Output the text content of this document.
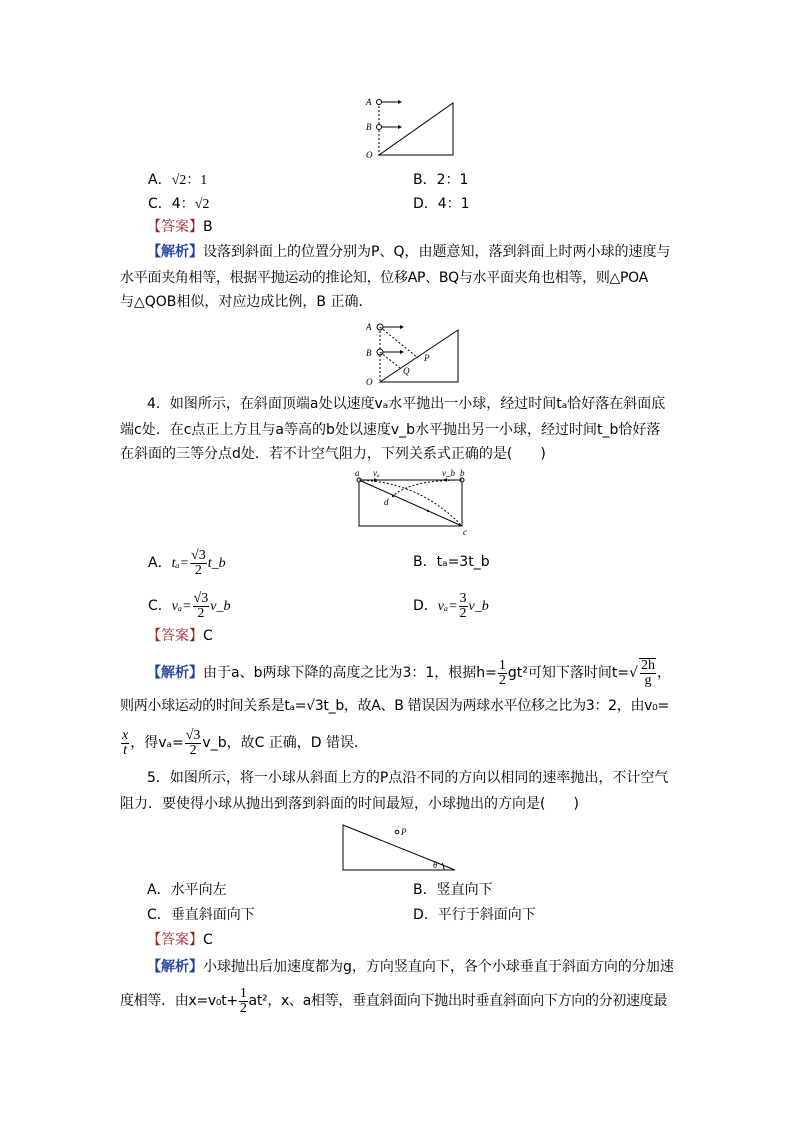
A
B
O
A．√2：1	B．2：1
C．4：√2	D．4：1
【答案】B
【解析】设落到斜面上的位置分别为P、Q，由题意知，落到斜面上时两小球的速度与
水平面夹角相等，根据平抛运动的推论知，位移AP、BQ与水平面夹角也相等，则△POA
与△QOB相似，对应边成比例，B 正确．
A
B
O
P
Q
4．如图所示，在斜面顶端a处以速度vₐ水平抛出一小球，经过时间tₐ恰好落在斜面底
端c处．在c点正上方且与a等高的b处以速度v_b水平抛出另一小球，经过时间t_b恰好落
在斜面的三等分点d处．若不计空气阻力，下列关系式正确的是(　　)
a vₐ	v_b b
d
c
A．$t_a= \frac{√3}{2}$ t_b	B．tₐ=3t_b
C．$v_a= \frac{√3}{2}$ v_b	D．$v_a= \frac{3}{2}$ v_b
【答案】C
【解析】由于a、b两球下降的高度之比为3：1，根据$h= \frac{1}{2} gt^2$可知下落时间$t=√ \frac{2h}{g}$ ，
则两小球运动的时间关系是tₐ=√3t_b，故A、B 错误因为两球水平位移之比为3：2，由v₀=
$\frac{x}{t}$ ，得$v_a= \frac{√3}{2}$ v_b，故C 正确，D 错误．
5．如图所示，将一小球从斜面上方的P点沿不同的方向以相同的速率抛出，不计空气
阻力．要使得小球从抛出到落到斜面的时间最短，小球抛出的方向是(　　)
P
θ
A．水平向左	B．竖直向下
C．垂直斜面向下	D．平行于斜面向下
【答案】C
【解析】小球抛出后加速度都为g，方向竖直向下，各个小球垂直于斜面方向的分加速
度相等．由$x=v_0t+ \frac{1}{2} at^2$，x、a相等，垂直斜面向下抛出时垂直斜面向下方向的分初速度最
